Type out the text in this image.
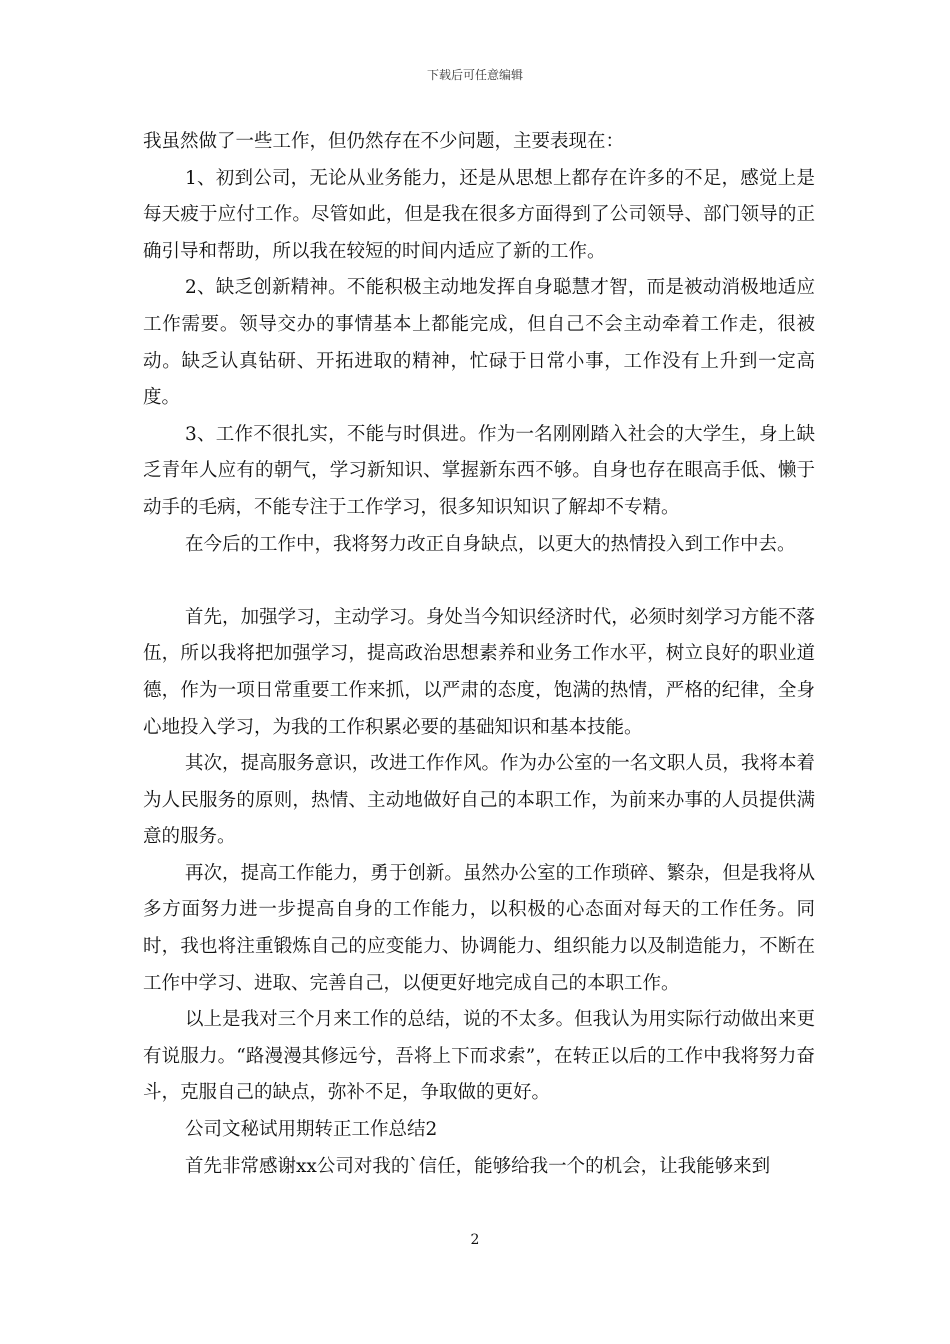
下载后可任意编辑

我虽然做了一些工作，但仍然存在不少问题，主要表现在：

1、初到公司，无论从业务能力，还是从思想上都存在许多的不足，感觉上是每天疲于应付工作。尽管如此，但是我在很多方面得到了公司领导、部门领导的正确引导和帮助，所以我在较短的时间内适应了新的工作。

2、缺乏创新精神。不能积极主动地发挥自身聪慧才智，而是被动消极地适应工作需要。领导交办的事情基本上都能完成，但自己不会主动牵着工作走，很被动。缺乏认真钻研、开拓进取的精神，忙碌于日常小事，工作没有上升到一定高度。

3、工作不很扎实，不能与时俱进。作为一名刚刚踏入社会的大学生，身上缺乏青年人应有的朝气，学习新知识、掌握新东西不够。自身也存在眼高手低、懒于动手的毛病，不能专注于工作学习，很多知识知识了解却不专精。

在今后的工作中，我将努力改正自身缺点，以更大的热情投入到工作中去。

首先，加强学习，主动学习。身处当今知识经济时代，必须时刻学习方能不落伍，所以我将把加强学习，提高政治思想素养和业务工作水平，树立良好的职业道德，作为一项日常重要工作来抓，以严肃的态度，饱满的热情，严格的纪律，全身心地投入学习，为我的工作积累必要的基础知识和基本技能。

其次，提高服务意识，改进工作作风。作为办公室的一名文职人员，我将本着为人民服务的原则，热情、主动地做好自己的本职工作，为前来办事的人员提供满意的服务。

再次，提高工作能力，勇于创新。虽然办公室的工作琐碎、繁杂，但是我将从多方面努力进一步提高自身的工作能力，以积极的心态面对每天的工作任务。同时，我也将注重锻炼自己的应变能力、协调能力、组织能力以及制造能力，不断在工作中学习、进取、完善自己，以便更好地完成自己的本职工作。

以上是我对三个月来工作的总结，说的不太多。但我认为用实际行动做出来更有说服力。“路漫漫其修远兮，吾将上下而求索”，在转正以后的工作中我将努力奋斗，克服自己的缺点，弥补不足，争取做的更好。

公司文秘试用期转正工作总结2

首先非常感谢xx公司对我的`信任，能够给我一个的机会，让我能够来到

2
